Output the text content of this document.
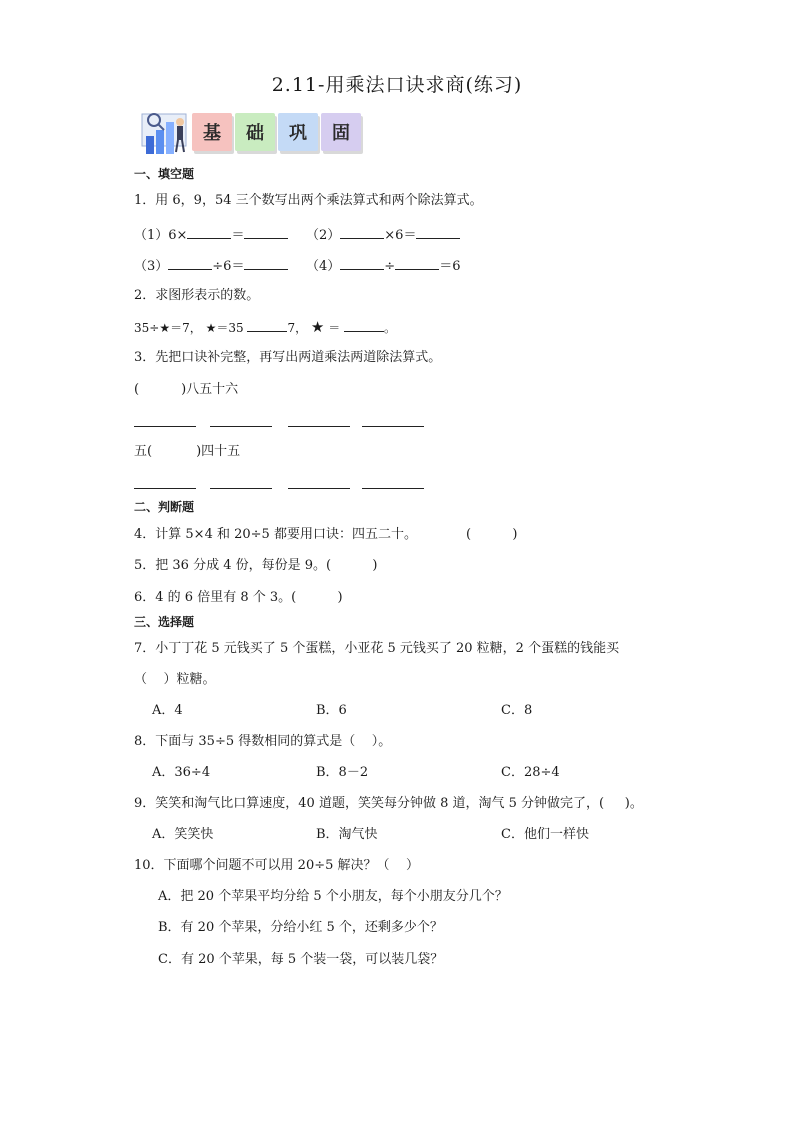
2.11-用乘法口诀求商(练习)
基	础	巩	固
一、填空题
1．用 6，9，54 三个数写出两个乘法算式和两个除法算式。
（1）6×	＝	（2）	×6＝
（3）	÷6＝	（4）	÷	＝6
2．求图形表示的数。
35÷★＝7， ★＝35	7， ★ ＝	。
3．先把口诀补完整，再写出两道乘法两道除法算式。
(	)八五十六
五(	)四十五
二、判断题
4．计算 5×4 和 20÷5 都要用口诀：四五二十。	(          )
5．把 36 分成 4 份，每份是 9。(          )
6．4 的 6 倍里有 8 个 3。(          )
三、选择题
7．小丁丁花 5 元钱买了 5 个蛋糕，小亚花 5 元钱买了 20 粒糖，2 个蛋糕的钱能买
（    ）粒糖。
A．4	B．6	C．8
8．下面与 35÷5 得数相同的算式是（    ）。
A．36÷4	B．8－2	C．28÷4
9．笑笑和淘气比口算速度，40 道题，笑笑每分钟做 8 道，淘气 5 分钟做完了，(     )。
A．笑笑快	B．淘气快	C．他们一样快
10．下面哪个问题不可以用 20÷5 解决？（    ）
A．把 20 个苹果平均分给 5 个小朋友，每个小朋友分几个？
B．有 20 个苹果，分给小红 5 个，还剩多少个？
C．有 20 个苹果，每 5 个装一袋，可以装几袋？
